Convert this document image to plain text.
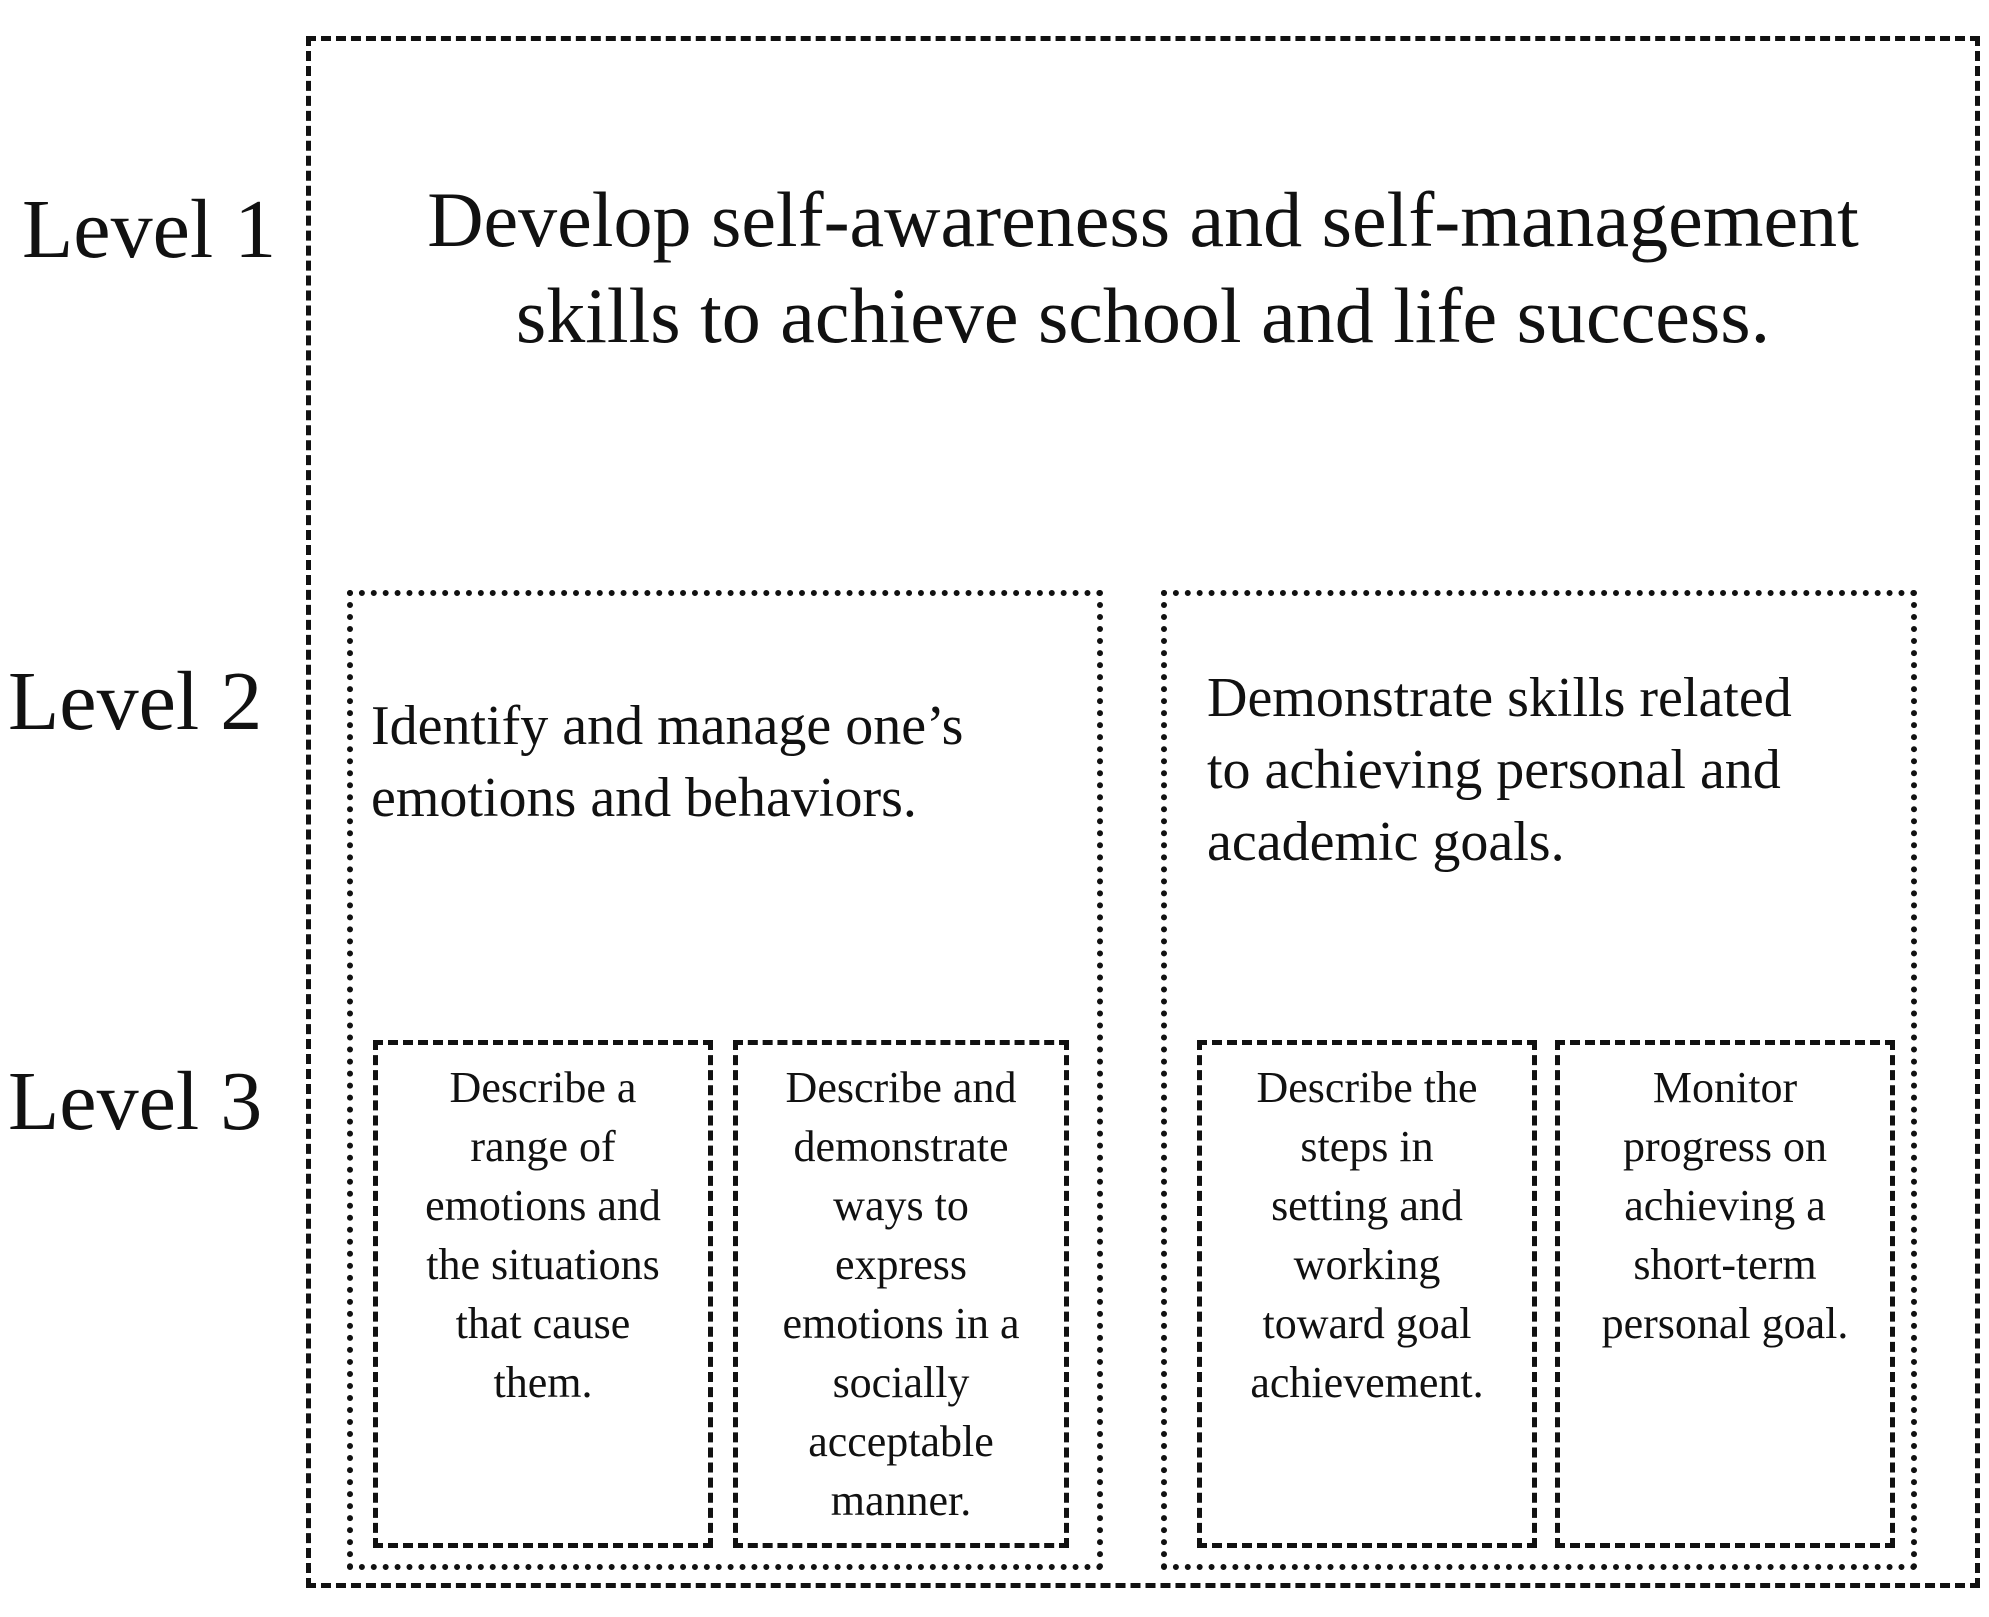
Level 1
Level 2
Level 3
Develop self-awareness and self-management
skills to achieve school and life success.
Identify and manage one’s
emotions and behaviors.
Demonstrate skills related
to achieving personal and
academic goals.
Describe a
range of
emotions and
the situations
that cause
them.
Describe and
demonstrate
ways to
express
emotions in a
socially
acceptable
manner.
Describe the
steps in
setting and
working
toward goal
achievement.
Monitor
progress on
achieving a
short-term
personal goal.
